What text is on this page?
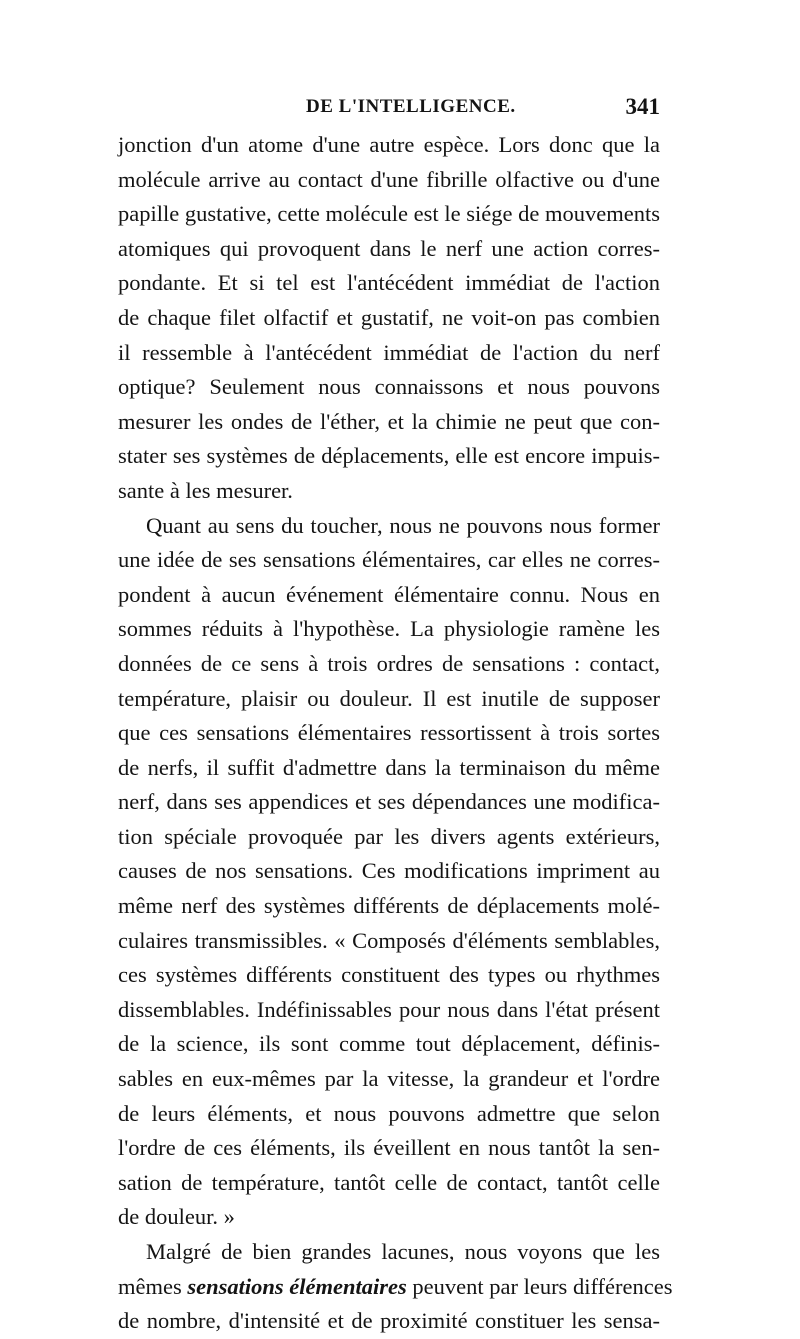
DE L'INTELLIGENCE.	341
jonction d'un atome d'une autre espèce. Lors donc que la
molécule arrive au contact d'une fibrille olfactive ou d'une
papille gustative, cette molécule est le siége de mouvements
atomiques qui provoquent dans le nerf une action corres-
pondante. Et si tel est l'antécédent immédiat de l'action
de chaque filet olfactif et gustatif, ne voit-on pas combien
il ressemble à l'antécédent immédiat de l'action du nerf
optique? Seulement nous connaissons et nous pouvons
mesurer les ondes de l'éther, et la chimie ne peut que con-
stater ses systèmes de déplacements, elle est encore impuis-
sante à les mesurer.
Quant au sens du toucher, nous ne pouvons nous former
une idée de ses sensations élémentaires, car elles ne corres-
pondent à aucun événement élémentaire connu. Nous en
sommes réduits à l'hypothèse. La physiologie ramène les
données de ce sens à trois ordres de sensations : contact,
température, plaisir ou douleur. Il est inutile de supposer
que ces sensations élémentaires ressortissent à trois sortes
de nerfs, il suffit d'admettre dans la terminaison du même
nerf, dans ses appendices et ses dépendances une modifica-
tion spéciale provoquée par les divers agents extérieurs,
causes de nos sensations. Ces modifications impriment au
même nerf des systèmes différents de déplacements molé-
culaires transmissibles. « Composés d'éléments semblables,
ces systèmes différents constituent des types ou rhythmes
dissemblables. Indéfinissables pour nous dans l'état présent
de la science, ils sont comme tout déplacement, définis-
sables en eux-mêmes par la vitesse, la grandeur et l'ordre
de leurs éléments, et nous pouvons admettre que selon
l'ordre de ces éléments, ils éveillent en nous tantôt la sen-
sation de température, tantôt celle de contact, tantôt celle
de douleur. »
Malgré de bien grandes lacunes, nous voyons que les
mêmes sensations élémentaires peuvent par leurs différences
de nombre, d'intensité et de proximité constituer les sensa-
